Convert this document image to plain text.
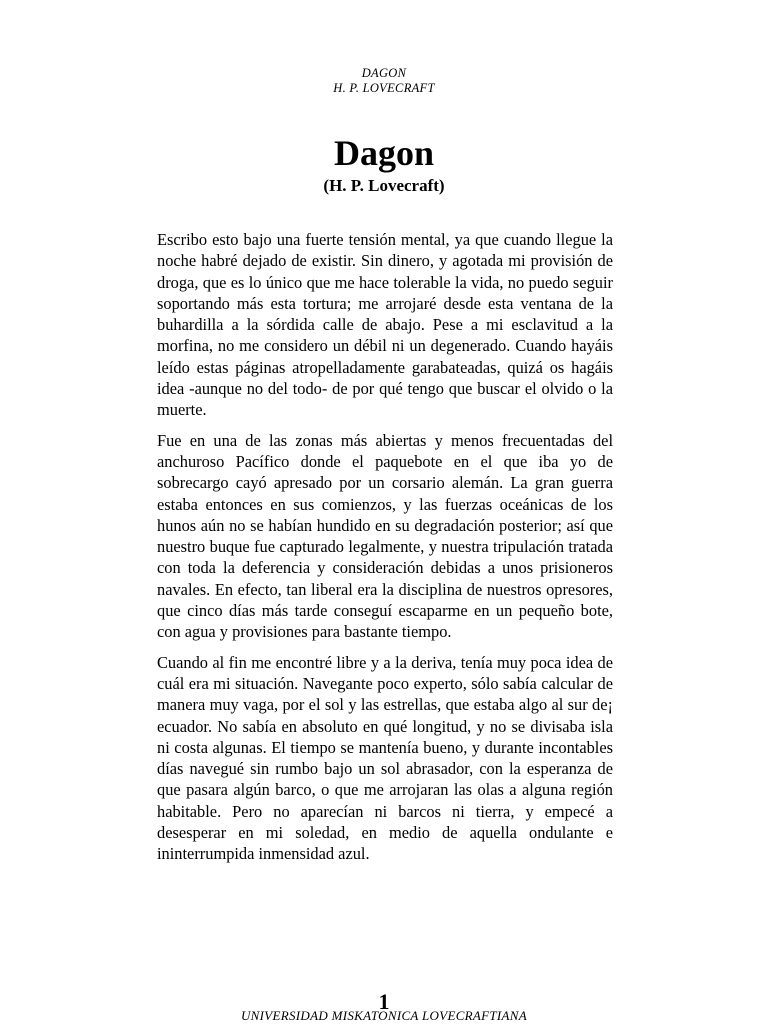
DAGON
H. P. LOVECRAFT
Dagon
(H. P. Lovecraft)

Escribo esto bajo una fuerte tensión mental, ya que cuando llegue la noche habré dejado de existir. Sin dinero, y agotada mi provisión de droga, que es lo único que me hace tolerable la vida, no puedo seguir soportando más esta tortura; me arrojaré desde esta ventana de la buhardilla a la sórdida calle de abajo. Pese a mi esclavitud a la morfina, no me considero un débil ni un degenerado. Cuando hayáis leído estas páginas atropelladamente garabateadas, quizá os hagáis idea -aunque no del todo- de por qué tengo que buscar el olvido o la muerte.

Fue en una de las zonas más abiertas y menos frecuentadas del anchuroso Pacífico donde el paquebote en el que iba yo de sobrecargo cayó apresado por un corsario alemán. La gran guerra estaba entonces en sus comienzos, y las fuerzas oceánicas de los hunos aún no se habían hundido en su degradación posterior; así que nuestro buque fue capturado legalmente, y nuestra tripulación tratada con toda la deferencia y consideración debidas a unos prisioneros navales. En efecto, tan liberal era la disciplina de nuestros opresores, que cinco días más tarde conseguí escaparme en un pequeño bote, con agua y provisiones para bastante tiempo.

Cuando al fin me encontré libre y a la deriva, tenía muy poca idea de cuál era mi situación. Navegante poco experto, sólo sabía calcular de manera muy vaga, por el sol y las estrellas, que estaba algo al sur de¡ ecuador. No sabía en absoluto en qué longitud, y no se divisaba isla ni costa algunas. El tiempo se mantenía bueno, y durante incontables días navegué sin rumbo bajo un sol abrasador, con la esperanza de que pasara algún barco, o que me arrojaran las olas a alguna región habitable. Pero no aparecían ni barcos ni tierra, y empecé a desesperar en mi soledad, en medio de aquella ondulante e ininterrumpida inmensidad azul.

1
UNIVERSIDAD MISKATONICA LOVECRAFTIANA
